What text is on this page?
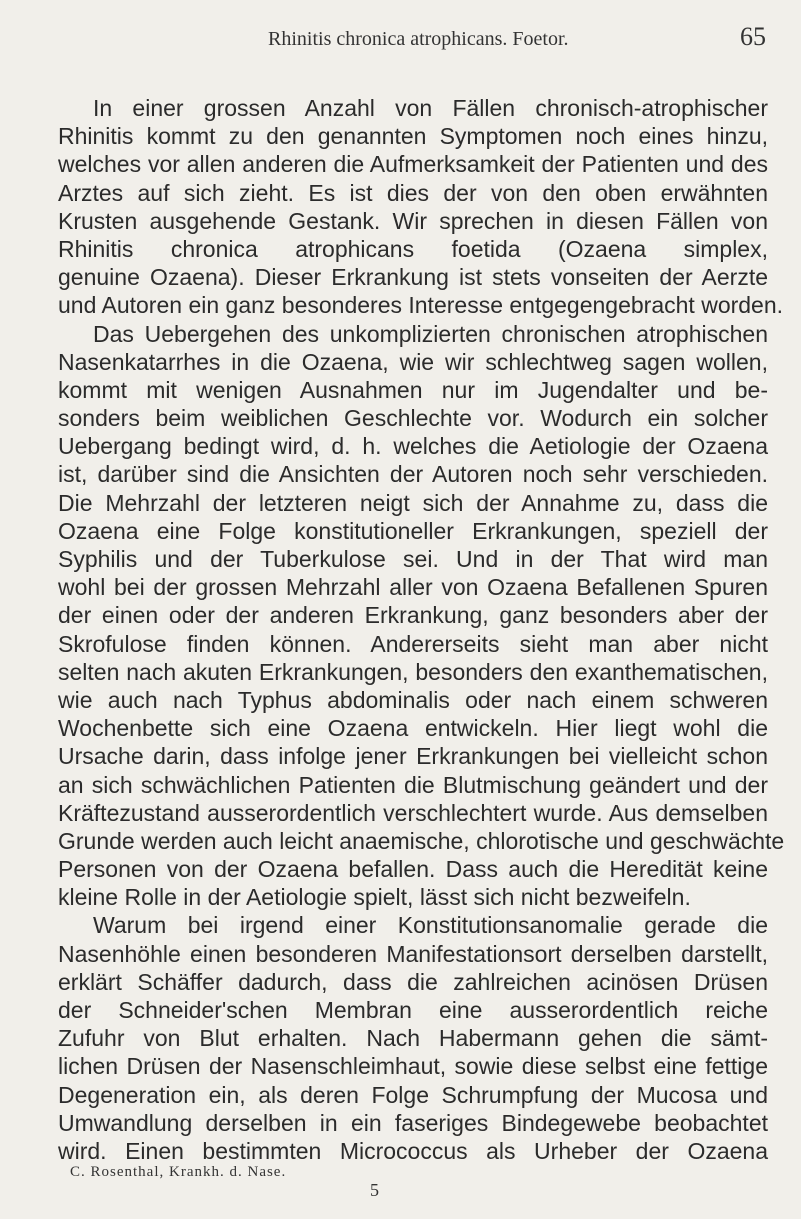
Rhinitis chronica atrophicans. Foetor.	65
In einer grossen Anzahl von Fällen chronisch-atrophischer
Rhinitis kommt zu den genannten Symptomen noch eines hinzu,
welches vor allen anderen die Aufmerksamkeit der Patienten und des
Arztes auf sich zieht. Es ist dies der von den oben erwähnten
Krusten ausgehende Gestank. Wir sprechen in diesen Fällen von
Rhinitis chronica atrophicans foetida (Ozaena simplex,
genuine Ozaena). Dieser Erkrankung ist stets vonseiten der Aerzte
und Autoren ein ganz besonderes Interesse entgegengebracht worden.
Das Uebergehen des unkomplizierten chronischen atrophischen
Nasenkatarrhes in die Ozaena, wie wir schlechtweg sagen wollen,
kommt mit wenigen Ausnahmen nur im Jugendalter und be-
sonders beim weiblichen Geschlechte vor. Wodurch ein solcher
Uebergang bedingt wird, d. h. welches die Aetiologie der Ozaena
ist, darüber sind die Ansichten der Autoren noch sehr verschieden.
Die Mehrzahl der letzteren neigt sich der Annahme zu, dass die
Ozaena eine Folge konstitutioneller Erkrankungen, speziell der
Syphilis und der Tuberkulose sei. Und in der That wird man
wohl bei der grossen Mehrzahl aller von Ozaena Befallenen Spuren
der einen oder der anderen Erkrankung, ganz besonders aber der
Skrofulose finden können. Andererseits sieht man aber nicht
selten nach akuten Erkrankungen, besonders den exanthematischen,
wie auch nach Typhus abdominalis oder nach einem schweren
Wochenbette sich eine Ozaena entwickeln. Hier liegt wohl die
Ursache darin, dass infolge jener Erkrankungen bei vielleicht schon
an sich schwächlichen Patienten die Blutmischung geändert und der
Kräftezustand ausserordentlich verschlechtert wurde. Aus demselben
Grunde werden auch leicht anaemische, chlorotische und geschwächte
Personen von der Ozaena befallen. Dass auch die Heredität keine
kleine Rolle in der Aetiologie spielt, lässt sich nicht bezweifeln.
Warum bei irgend einer Konstitutionsanomalie gerade die
Nasenhöhle einen besonderen Manifestationsort derselben darstellt,
erklärt Schäffer dadurch, dass die zahlreichen acinösen Drüsen
der Schneider'schen Membran eine ausserordentlich reiche
Zufuhr von Blut erhalten. Nach Habermann gehen die sämt-
lichen Drüsen der Nasenschleimhaut, sowie diese selbst eine fettige
Degeneration ein, als deren Folge Schrumpfung der Mucosa und
Umwandlung derselben in ein faseriges Bindegewebe beobachtet
wird. Einen bestimmten Micrococcus als Urheber der Ozaena
C. Rosenthal, Krankh. d. Nase.
5
